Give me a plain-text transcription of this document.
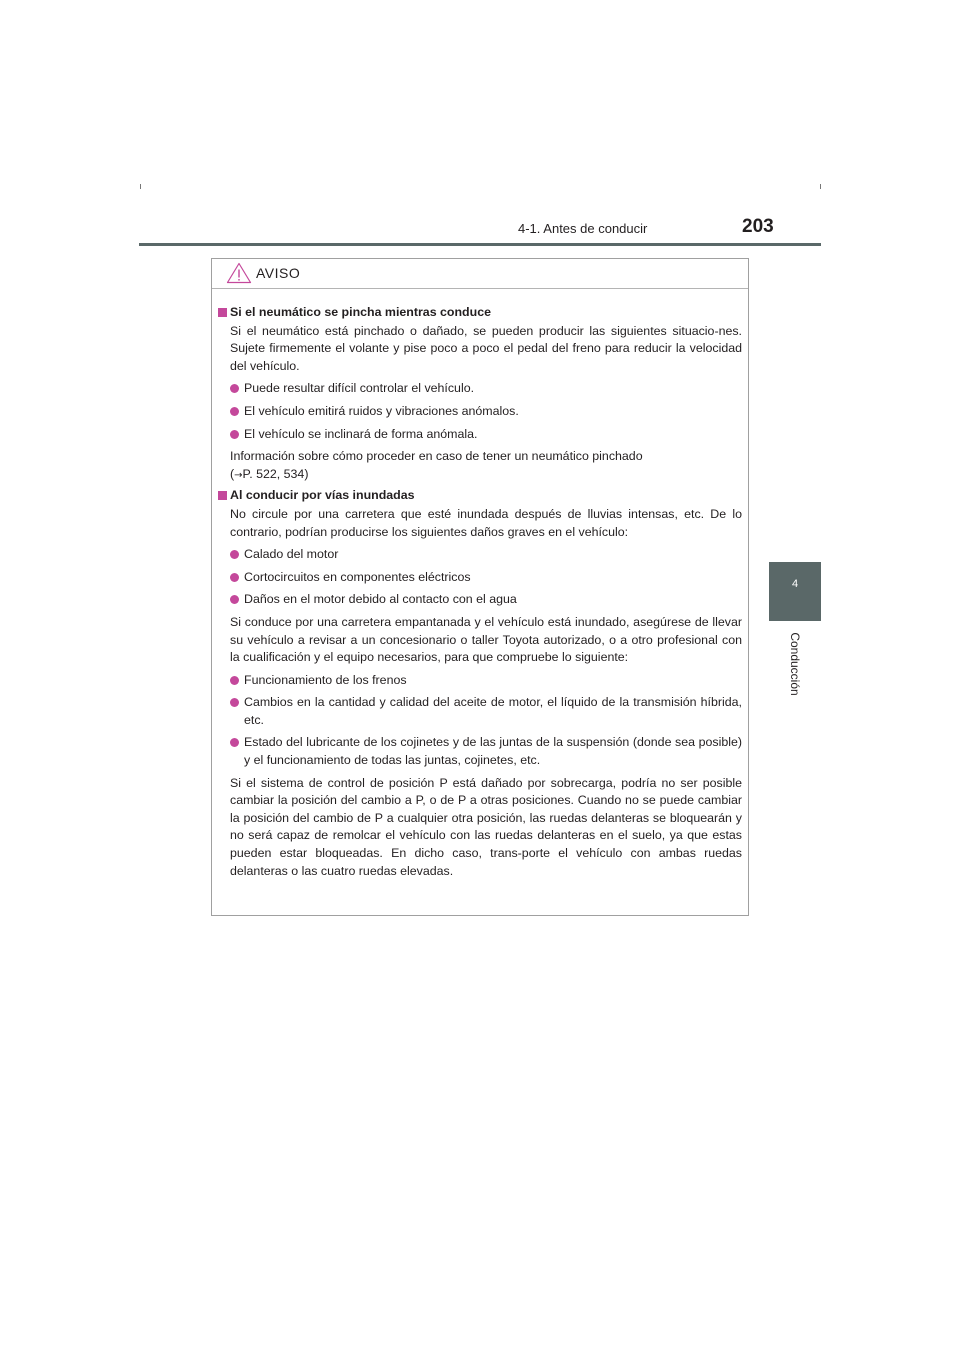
4-1. Antes de conducir	203
4
Conducción
AVISO
Si el neumático se pincha mientras conduce
Si el neumático está pinchado o dañado, se pueden producir las siguientes situacio-nes. Sujete firmemente el volante y pise poco a poco el pedal del freno para reducir la velocidad del vehículo.
Puede resultar difícil controlar el vehículo.
El vehículo emitirá ruidos y vibraciones anómalos.
El vehículo se inclinará de forma anómala.
Información sobre cómo proceder en caso de tener un neumático pinchado
(→P. 522, 534)
Al conducir por vías inundadas
No circule por una carretera que esté inundada después de lluvias intensas, etc. De lo contrario, podrían producirse los siguientes daños graves en el vehículo:
Calado del motor
Cortocircuitos en componentes eléctricos
Daños en el motor debido al contacto con el agua
Si conduce por una carretera empantanada y el vehículo está inundado, asegúrese de llevar su vehículo a revisar a un concesionario o taller Toyota autorizado, o a otro profesional con la cualificación y el equipo necesarios, para que compruebe lo siguiente:
Funcionamiento de los frenos
Cambios en la cantidad y calidad del aceite de motor, el líquido de la transmisión híbrida, etc.
Estado del lubricante de los cojinetes y de las juntas de la suspensión (donde sea posible) y el funcionamiento de todas las juntas, cojinetes, etc.
Si el sistema de control de posición P está dañado por sobrecarga, podría no ser posible cambiar la posición del cambio a P, o de P a otras posiciones. Cuando no se puede cambiar la posición del cambio de P a cualquier otra posición, las ruedas delanteras se bloquearán y no será capaz de remolcar el vehículo con las ruedas delanteras en el suelo, ya que estas pueden estar bloqueadas. En dicho caso, trans-porte el vehículo con ambas ruedas delanteras o las cuatro ruedas elevadas.
